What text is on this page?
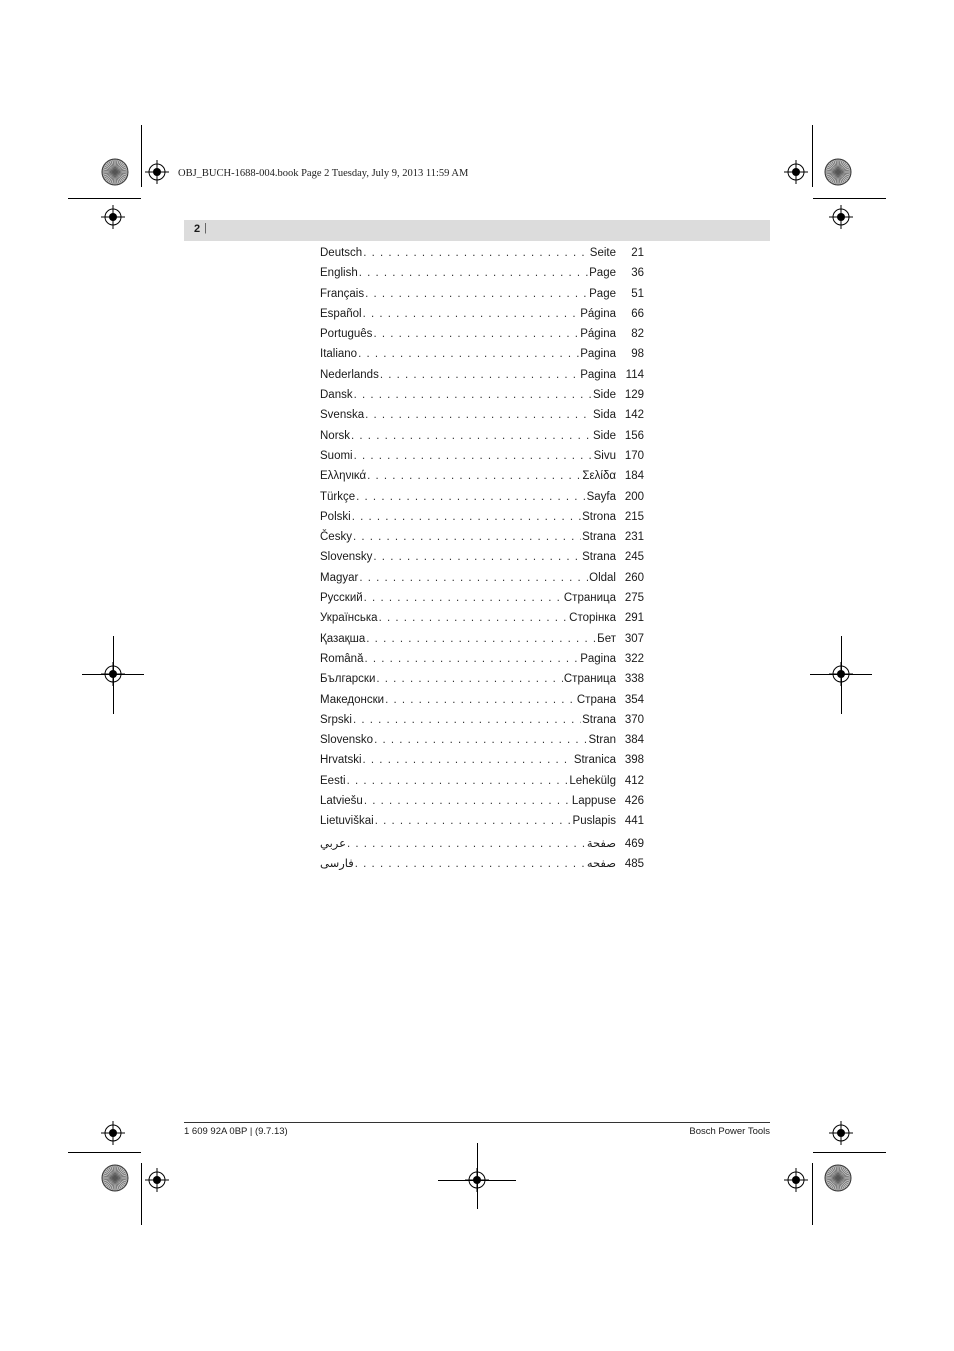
OBJ_BUCH-1688-004.book Page 2 Tuesday, July 9, 2013 11:59 AM
2 |
Deutsch . . .	Seite	21
English . . .	Page	36
Français . . .	Page	51
Español . . .	Página	66
Português . . .	Página	82
Italiano . . .	Pagina	98
Nederlands . . .	Pagina 114
Dansk . . .	Side 129
Svenska . . .	Sida 142
Norsk . . .	Side 156
Suomi . . .	Sivu 170
Ελληνικά . . .	Σελίδα 184
Türkçe . . .	Sayfa 200
Polski . . .	Strona 215
Česky . . .	Strana 231
Slovensky . . .	Strana 245
Magyar . . .	Oldal 260
Русский . . .	Страница 275
Українська . . .	Сторінка 291
Қазақша . . .	Бет 307
Română . . .	Pagina 322
Български . . .	Страница 338
Македонски . . .	Страна 354
Srpski . . .	Strana 370
Slovensko . . .	Stran 384
Hrvatski . . .	Stranica 398
Eesti . . .	Lehekülg 412
Latviešu . . .	Lappuse 426
Lietuviškai . . .	Puslapis 441
عربي . . .	صفحة 469
فارسی . . .	صفحه 485
1 609 92A 0BP | (9.7.13)	Bosch Power Tools
